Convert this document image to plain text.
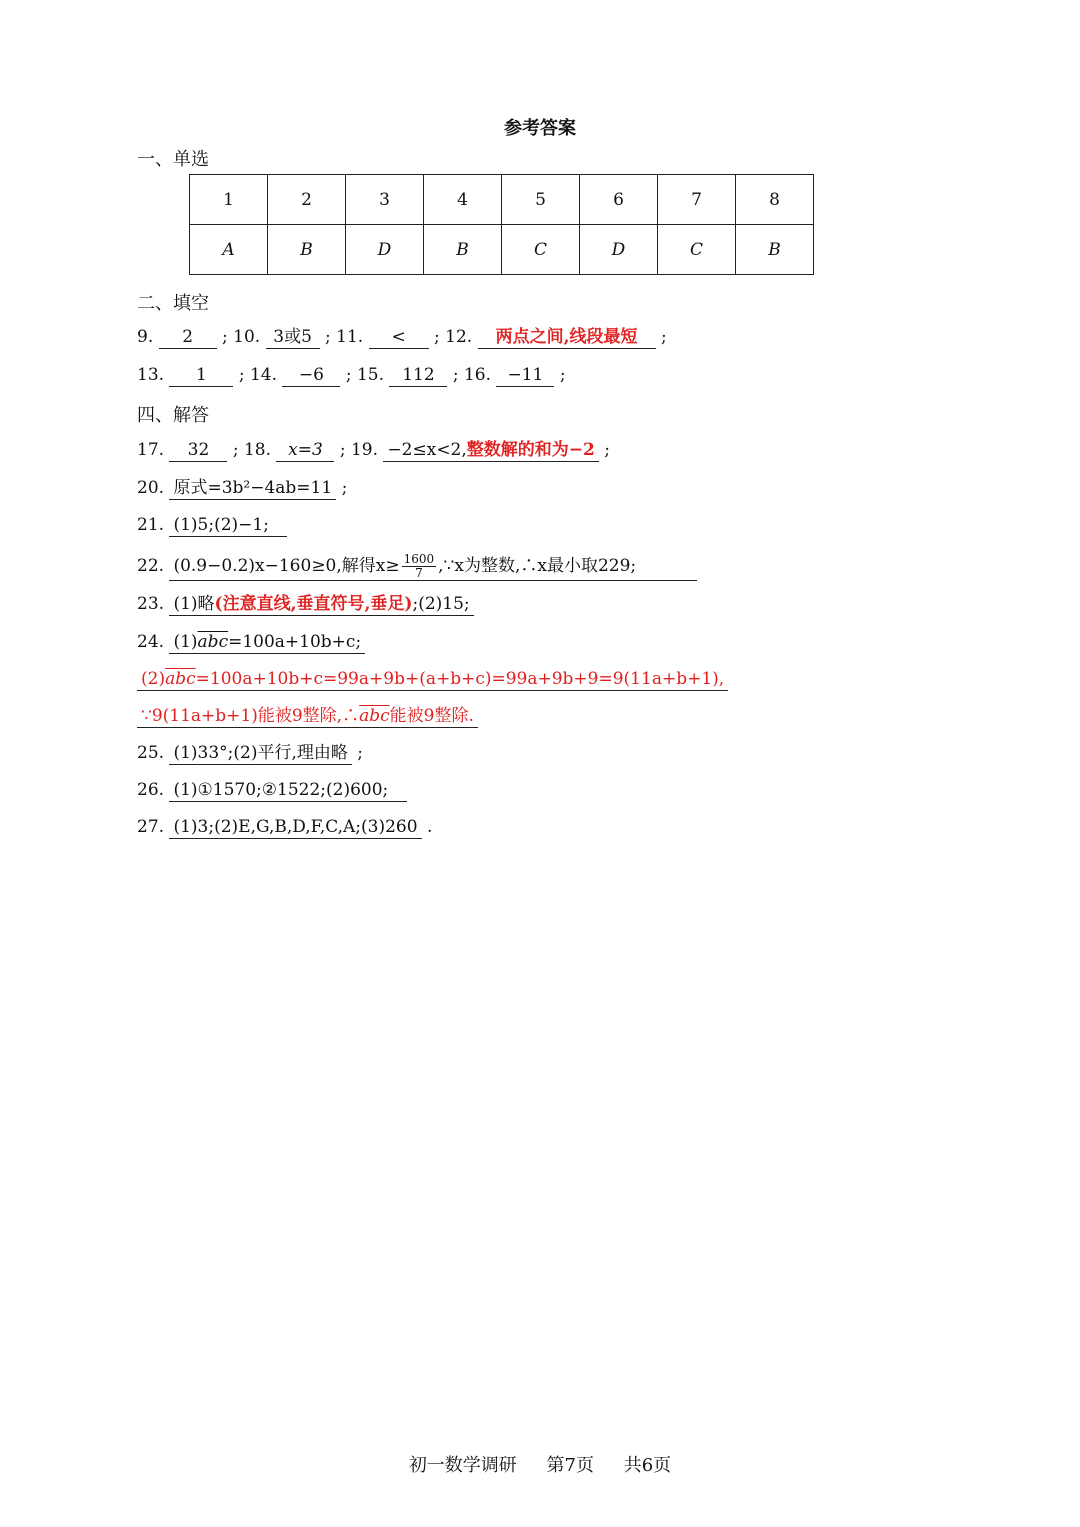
参考答案
一、单选
1	2	3	4	5	6	7	8
A	B	D	B	C	D	C	B
二、填空
9. 2 ; 10. 3或5 ; 11. < ; 12. 两点之间,线段最短 ;
13. 1 ; 14. −6 ; 15. 112 ; 16. −11 ;
四、解答
17. 32 ; 18. x=3 ; 19. −2≤x<2,整数解的和为−2 ;
20. 原式=3b²−4ab=11 ;
21. (1)5;(2)−1;
22. (0.9−0.2)x−160≥0,解得$x\ge \frac{1600}{7}$ ,∵x为整数,∴x最小取229;
23. (1)略(注意直线,垂直符号,垂足);(2)15;
24. $(1)\overline{abc}=100a+10b+c$;
$(2)\overline{abc}=100a+10b+c=99a+9b+(a+b+c)=99a+9b+9=9(11a+b+1)$,
∵9(11a+b+1)能被9整除$,\therefore\overline{abc}$能被9整除.
25. (1)33°;(2)平行,理由略 ;
26. (1)①1570;②1522;(2)600;
27. (1)3;(2)E,G,B,D,F,C,A;(3)260 .
初一数学调研 第7页 共6页
